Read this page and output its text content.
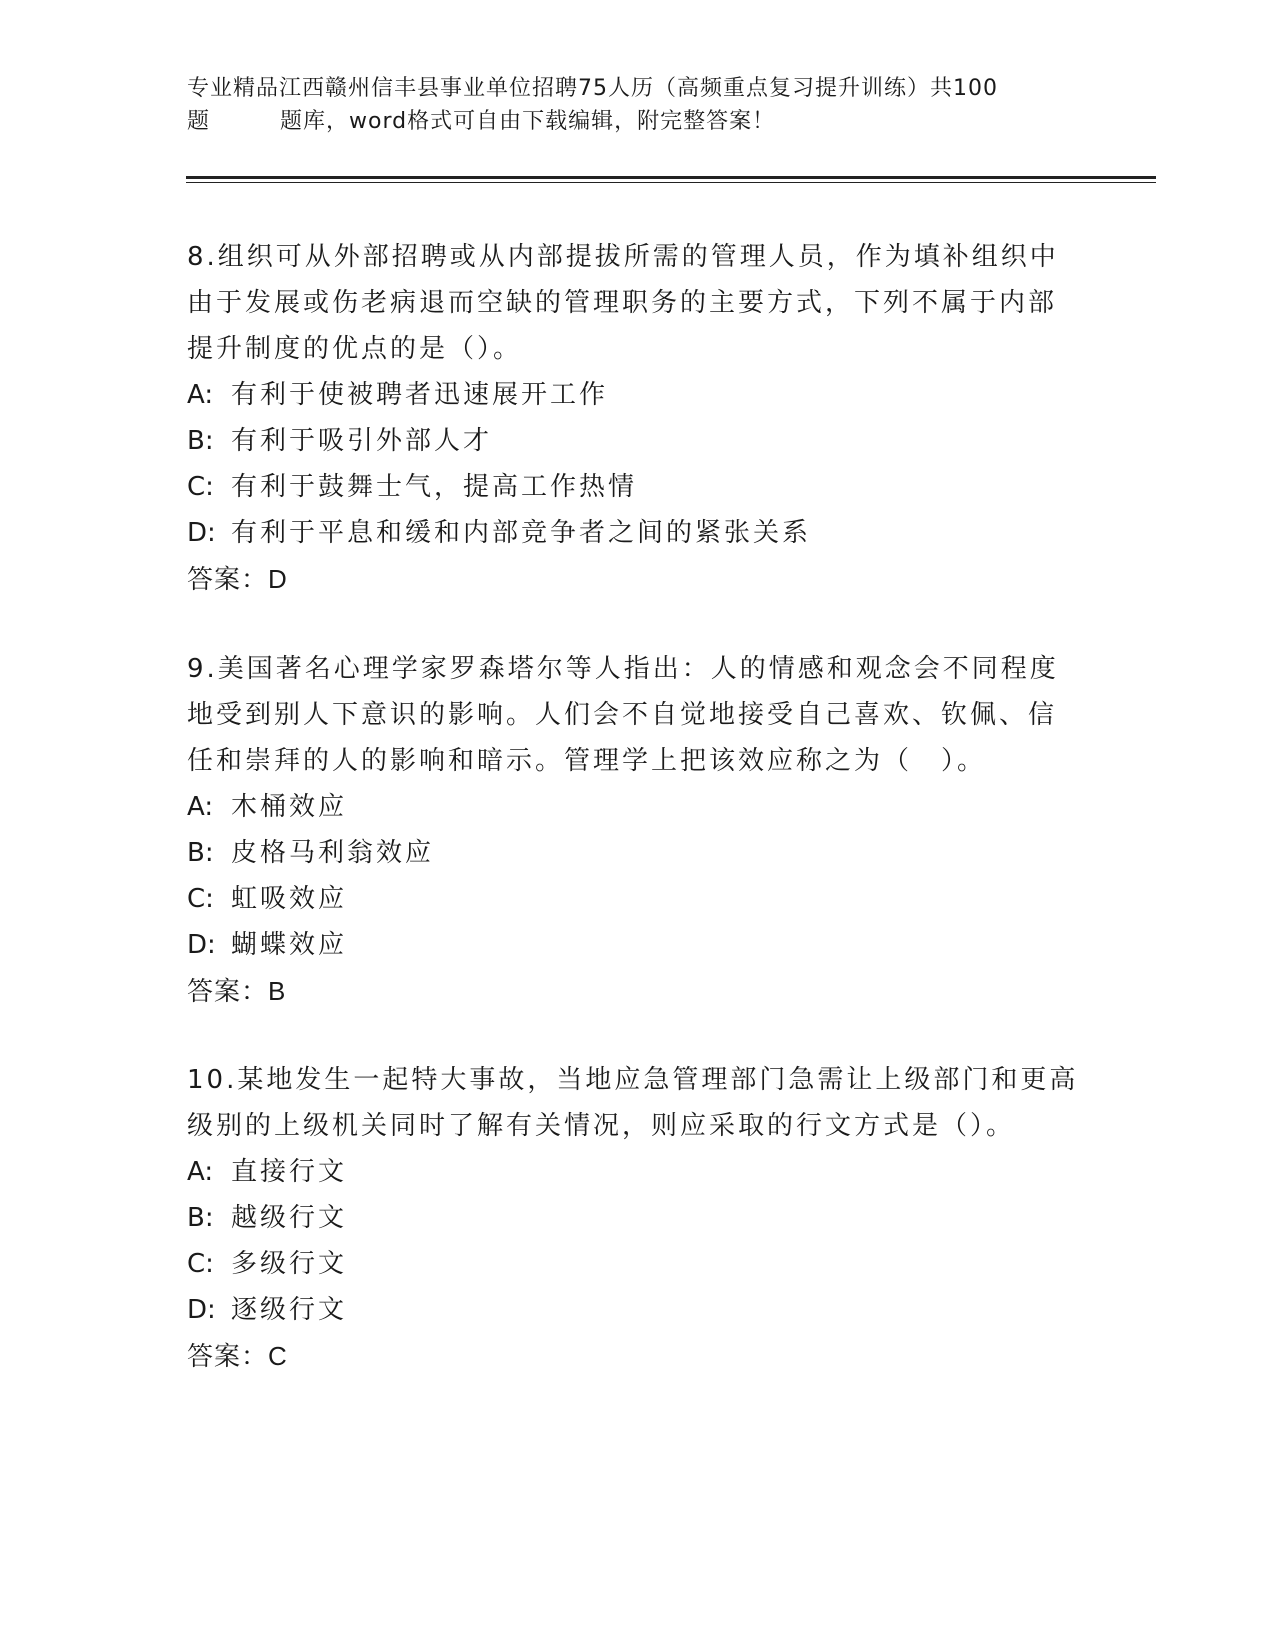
专业精品江西赣州信丰县事业单位招聘75人历（高频重点复习提升训练）共100
题	题库，word格式可自由下载编辑，附完整答案！

8.组织可从外部招聘或从内部提拔所需的管理人员，作为填补组织中

由于发展或伤老病退而空缺的管理职务的主要方式，下列不属于内部

提升制度的优点的是（）。

A: 有利于使被聘者迅速展开工作
B: 有利于吸引外部人才
C: 有利于鼓舞士气，提高工作热情
D: 有利于平息和缓和内部竞争者之间的紧张关系

答案：D

9.美国著名心理学家罗森塔尔等人指出：人的情感和观念会不同程度

地受到别人下意识的影响。人们会不自觉地接受自己喜欢、钦佩、信

任和崇拜的人的影响和暗示。管理学上把该效应称之为（　）。

A: 木桶效应
B: 皮格马利翁效应
C: 虹吸效应
D: 蝴蝶效应

答案：B

10.某地发生一起特大事故，当地应急管理部门急需让上级部门和更高

级别的上级机关同时了解有关情况，则应采取的行文方式是（）。

A: 直接行文
B: 越级行文
C: 多级行文
D: 逐级行文

答案：C
